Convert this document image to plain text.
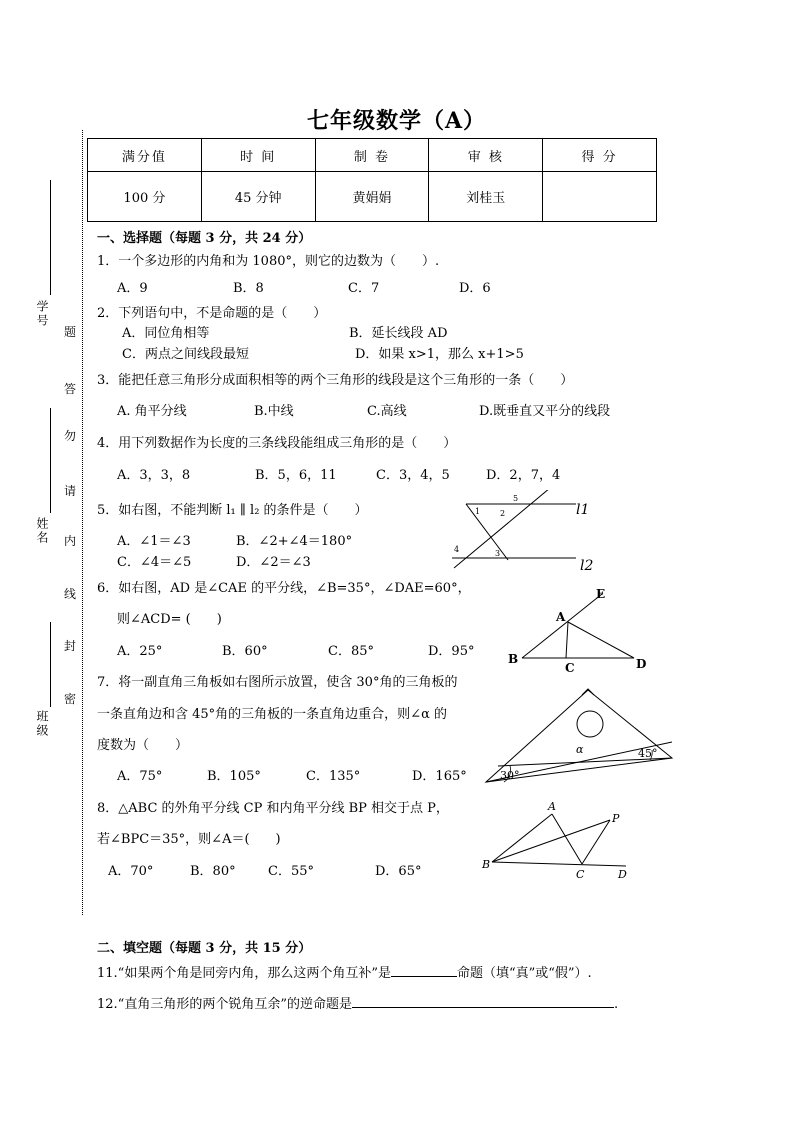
七年级数学（A）
学号
姓名
班级
题
答
勿
请
内
线
封
密
满分值	时 间	制 卷	审 核	得 分
100 分	45 分钟	黄娟娟	刘桂玉	
一、选择题（每题 3 分，共 24 分）
1．一个多边形的内角和为 1080°，则它的边数为（　　）.
A．9	B．8	C．7	D．6
2．下列语句中，不是命题的是（　　）
A．同位角相等	B．延长线段 AD
C．两点之间线段最短	D．如果 x>1，那么 x+1>5
3．能把任意三角形分成面积相等的两个三角形的线段是这个三角形的一条（　　）
A. 角平分线	B.中线	C.高线	D.既垂直又平分的线段
4．用下列数据作为长度的三条线段能组成三角形的是（　　）
A．3，3，8	B．5，6，11	C．3，4，5	D．2，7，4
5．如右图，不能判断 l₁ ∥ l₂ 的条件是（　　）
A．∠1＝∠3	B．∠2+∠4＝180°
C．∠4＝∠5	D．∠2＝∠3
6．如右图，AD 是∠CAE 的平分线，∠B=35°，∠DAE=60°，
则∠ACD= (　　)
A．25°	B．60°	C．85°	D．95°
7．将一副直角三角板如右图所示放置，使含 30°角的三角板的
一条直角边和含 45°角的三角板的一条直角边重合，则∠α 的
度数为（　　）
A．75°	B．105°	C．135°	D．165°
8．△ABC 的外角平分线 CP 和内角平分线 BP 相交于点 P，
若∠BPC＝35°，则∠A＝(　　)
A．70°	B．80° C．55°	D．65°
二、填空题（每题 3 分，共 15 分）
11.“如果两个角是同旁内角，那么这两个角互补”是	命题（填“真”或“假”）.
12.“直角三角形的两个锐角互余”的逆命题是	.
l1
l2
1 2
3
4
5
E
A
B
C	D
α	45°
30°
A
P
B
C	D
